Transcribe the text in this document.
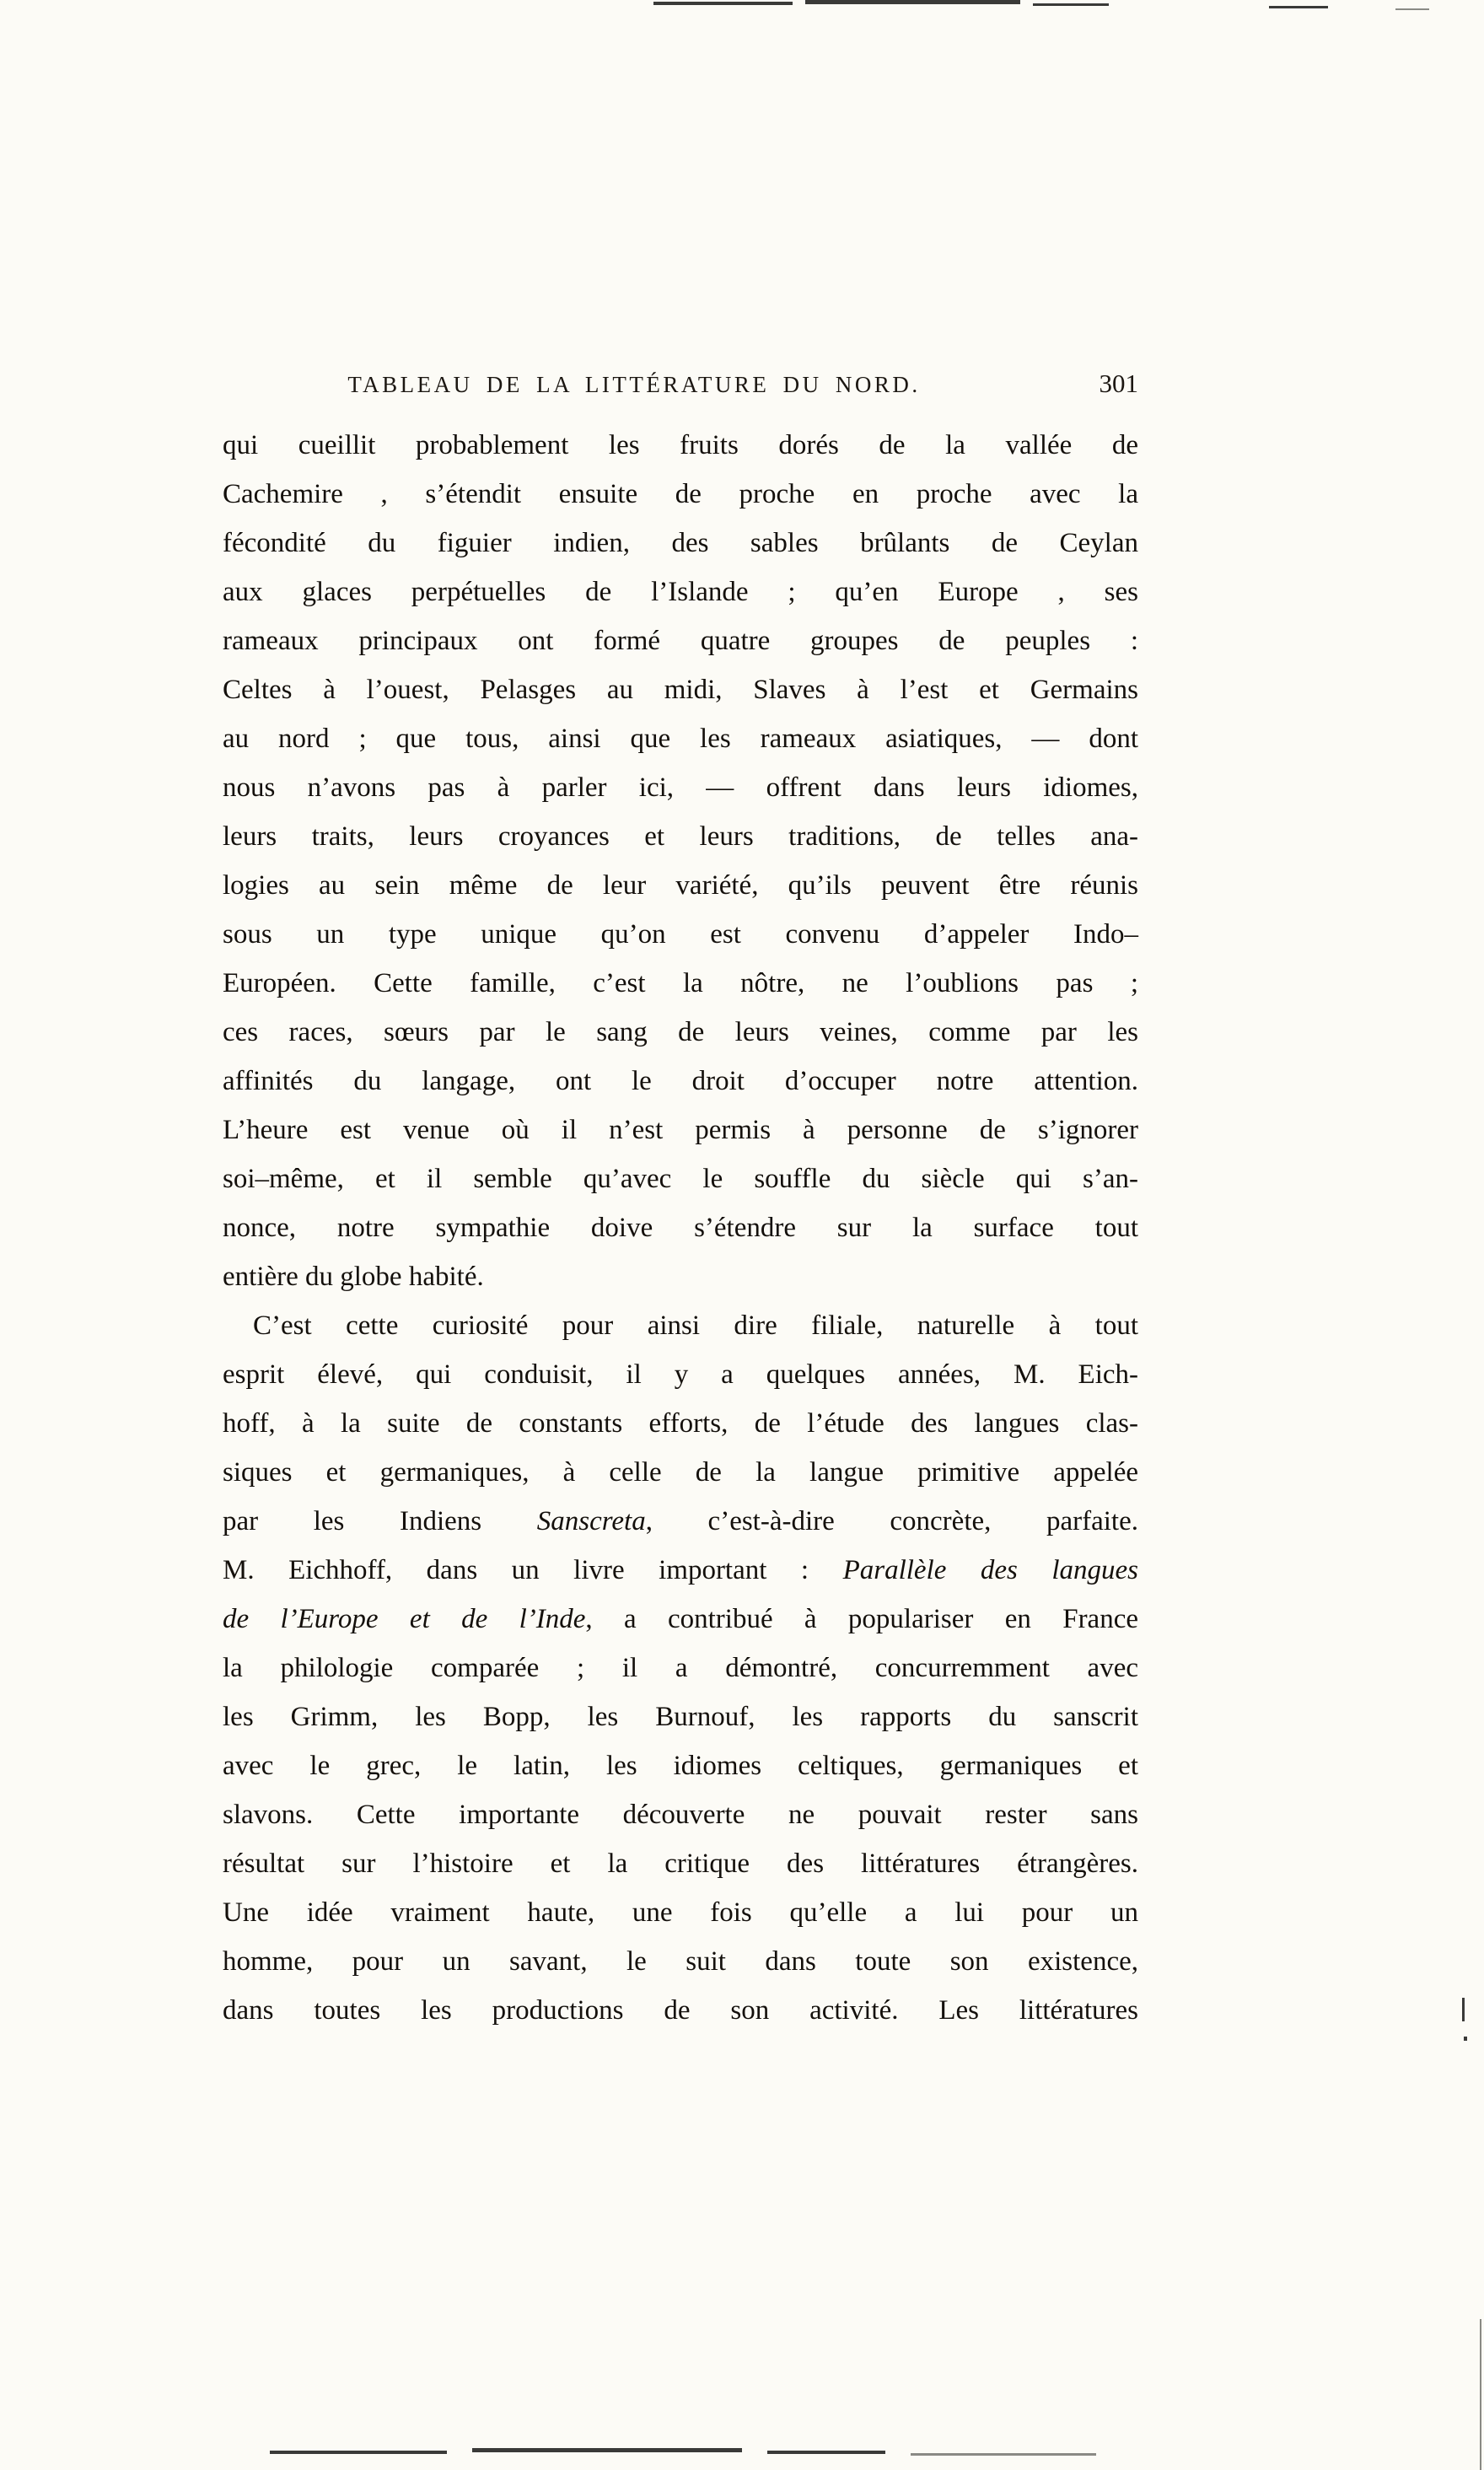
TABLEAU DE LA LITTÉRATURE DU NORD.	301
qui cueillit probablement les fruits dorés de la vallée de
Cachemire , s’étendit ensuite de proche en proche avec la
fécondité du figuier indien, des sables brûlants de Ceylan
aux glaces perpétuelles de l’Islande ; qu’en Europe , ses
rameaux principaux ont formé quatre groupes de peuples :
Celtes à l’ouest, Pelasges au midi, Slaves à l’est et Germains
au nord ; que tous, ainsi que les rameaux asiatiques, — dont
nous n’avons pas à parler ici, — offrent dans leurs idiomes,
leurs traits, leurs croyances et leurs traditions, de telles ana-
logies au sein même de leur variété, qu’ils peuvent être réunis
sous un type unique qu’on est convenu d’appeler Indo–
Européen. Cette famille, c’est la nôtre, ne l’oublions pas ;
ces races, sœurs par le sang de leurs veines, comme par les
affinités du langage, ont le droit d’occuper notre attention.
L’heure est venue où il n’est permis à personne de s’ignorer
soi–même, et il semble qu’avec le souffle du siècle qui s’an-
nonce, notre sympathie doive s’étendre sur la surface tout
entière du globe habité.
C’est cette curiosité pour ainsi dire filiale, naturelle à tout
esprit élevé, qui conduisit, il y a quelques années, M. Eich-
hoff, à la suite de constants efforts, de l’étude des langues clas-
siques et germaniques, à celle de la langue primitive appelée
par les Indiens Sanscreta, c’est-à-dire concrète, parfaite.
M. Eichhoff, dans un livre important : Parallèle des langues
de l’Europe et de l’Inde, a contribué à populariser en France
la philologie comparée ; il a démontré, concurremment avec
les Grimm, les Bopp, les Burnouf, les rapports du sanscrit
avec le grec, le latin, les idiomes celtiques, germaniques et
slavons. Cette importante découverte ne pouvait rester sans
résultat sur l’histoire et la critique des littératures étrangères.
Une idée vraiment haute, une fois qu’elle a lui pour un
homme, pour un savant, le suit dans toute son existence,
dans toutes les productions de son activité. Les littératures
